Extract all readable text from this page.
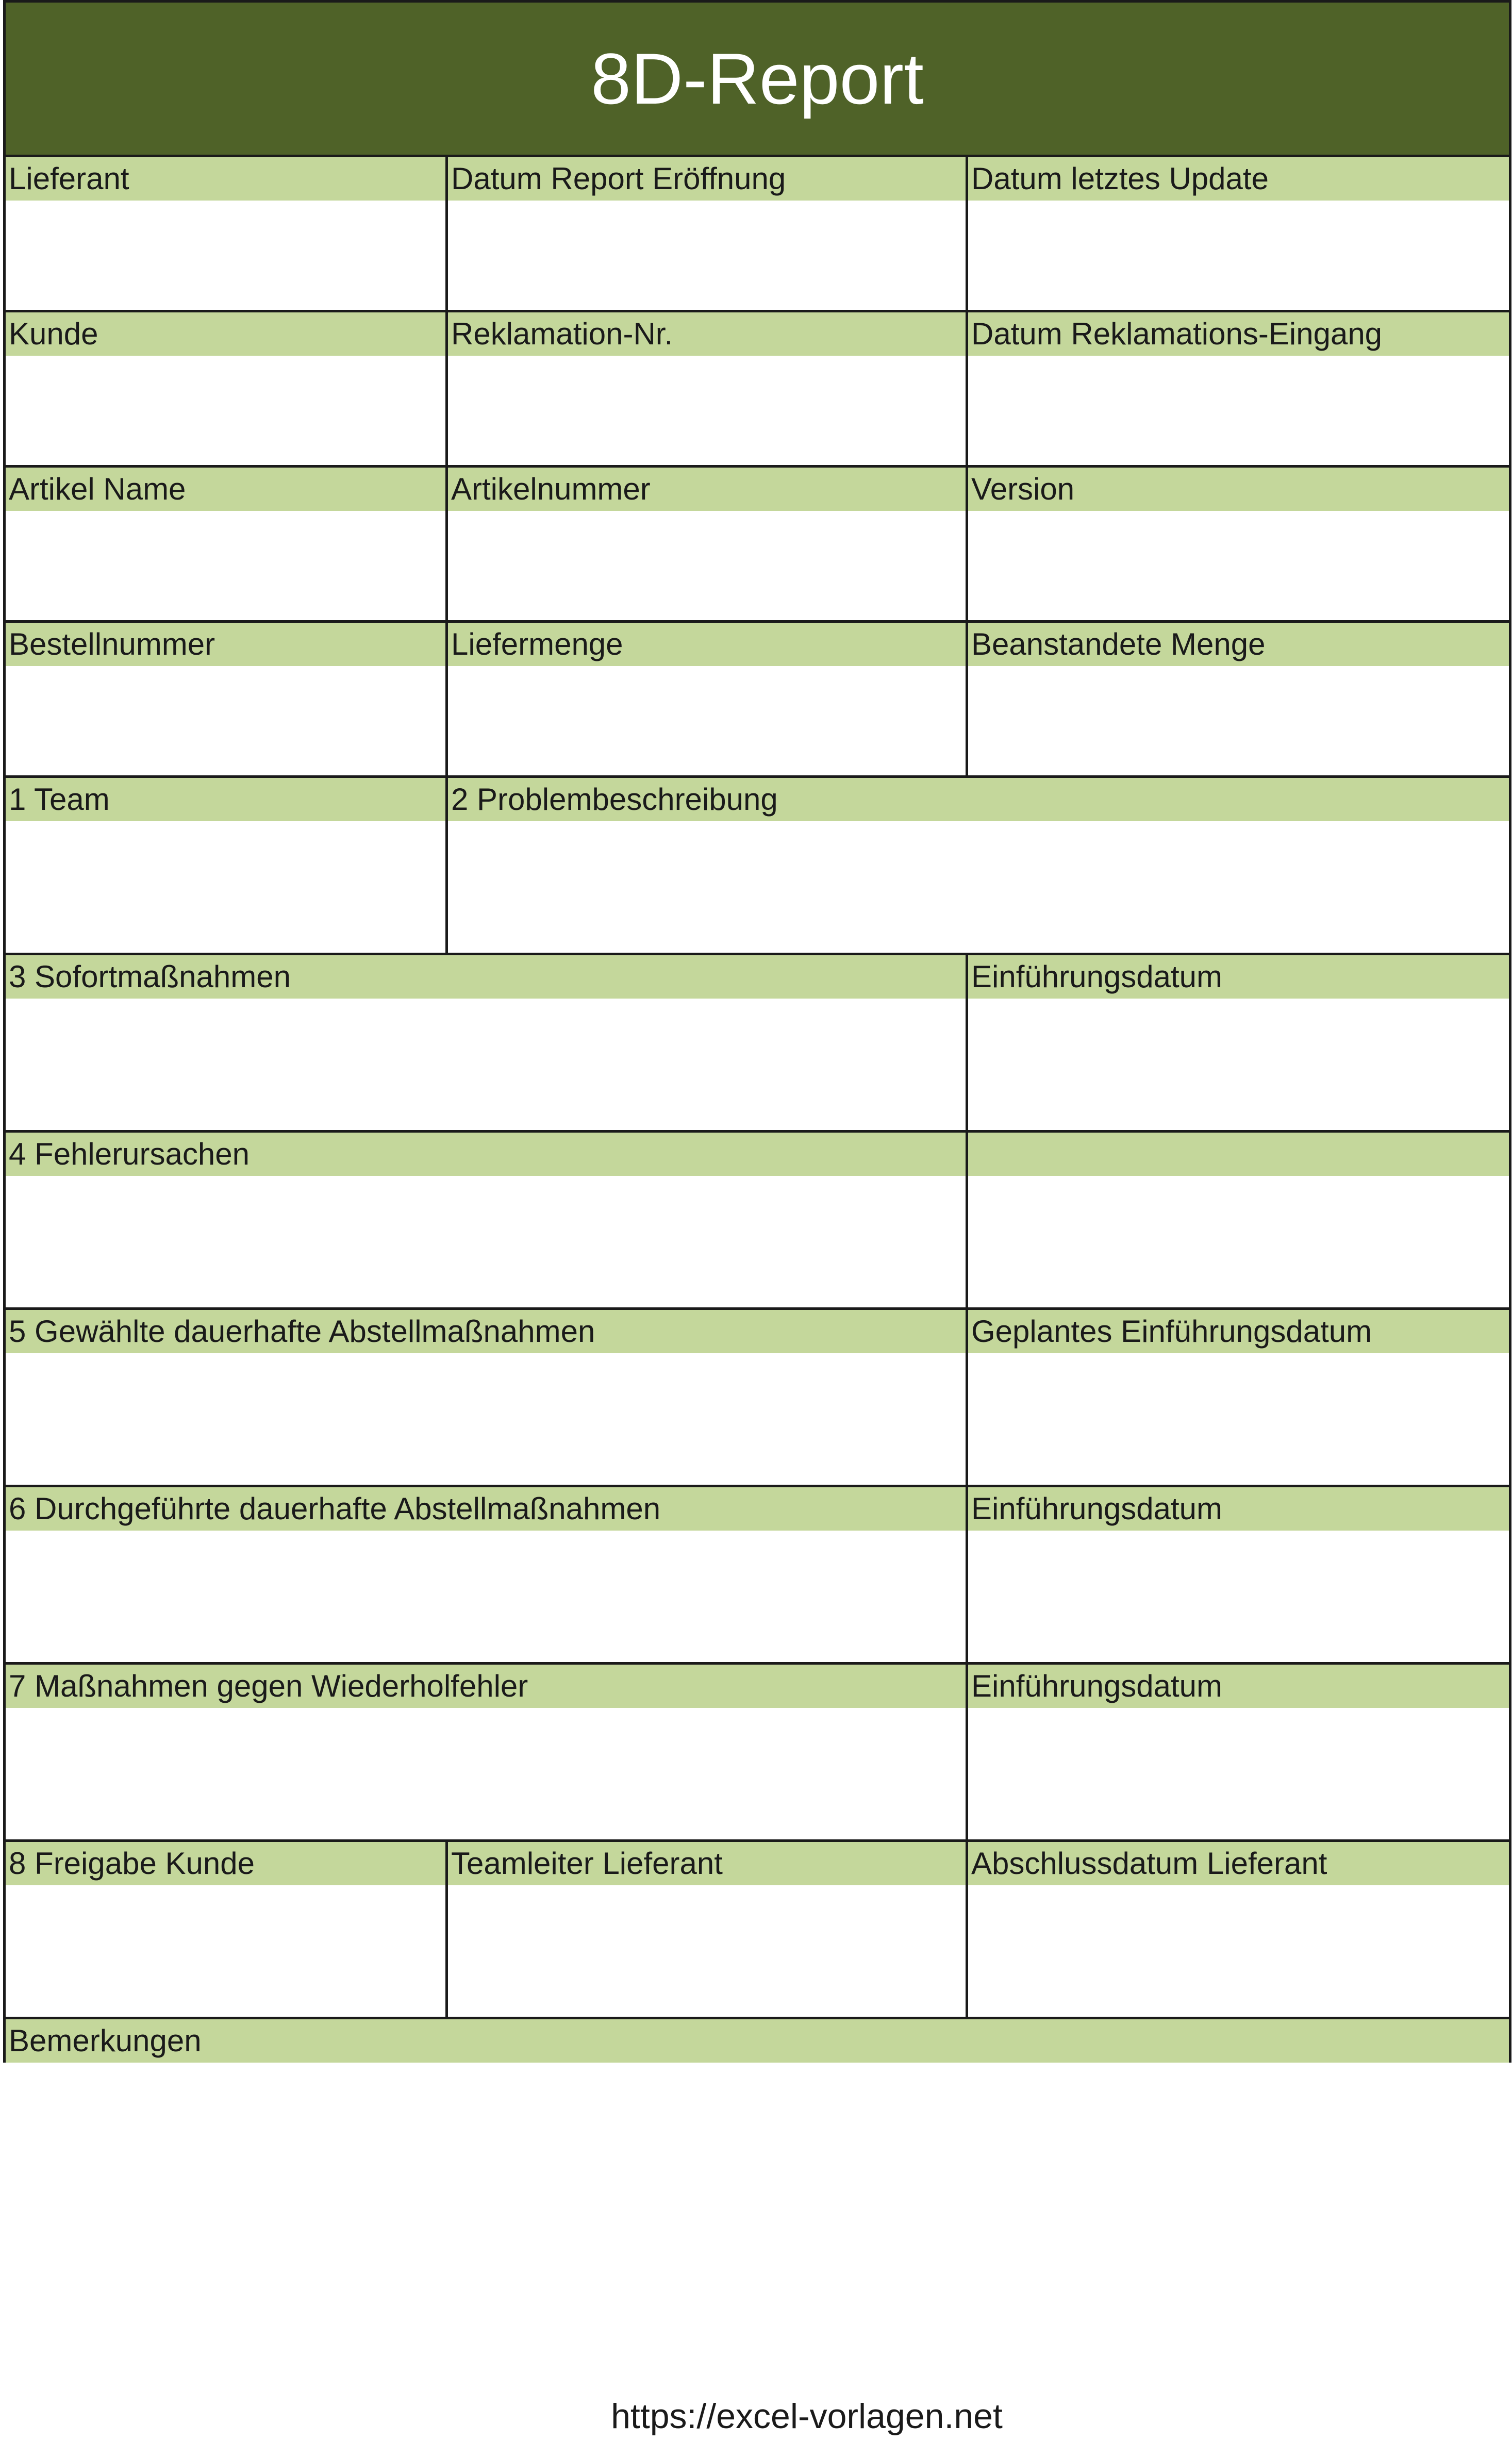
8D-Report		

Lieferant	Datum Report Eröffnung	Datum letztes Update

Kunde	Reklamation-Nr.	Datum Reklamations-Eingang

Artikel Name	Artikelnummer	Version

Bestellnummer	Liefermenge	Beanstandete Menge

1 Team	2 Problembeschreibung	

3 Sofortmaßnahmen		Einführungsdatum

4 Fehlerursachen		

5 Gewählte dauerhafte Abstellmaßnahmen		Geplantes Einführungsdatum

6 Durchgeführte dauerhafte Abstellmaßnahmen		Einführungsdatum

7 Maßnahmen gegen Wiederholfehler		Einführungsdatum

8 Freigabe Kunde	Teamleiter Lieferant	Abschlussdatum Lieferant

Bemerkungen		
https://excel-vorlagen.net
